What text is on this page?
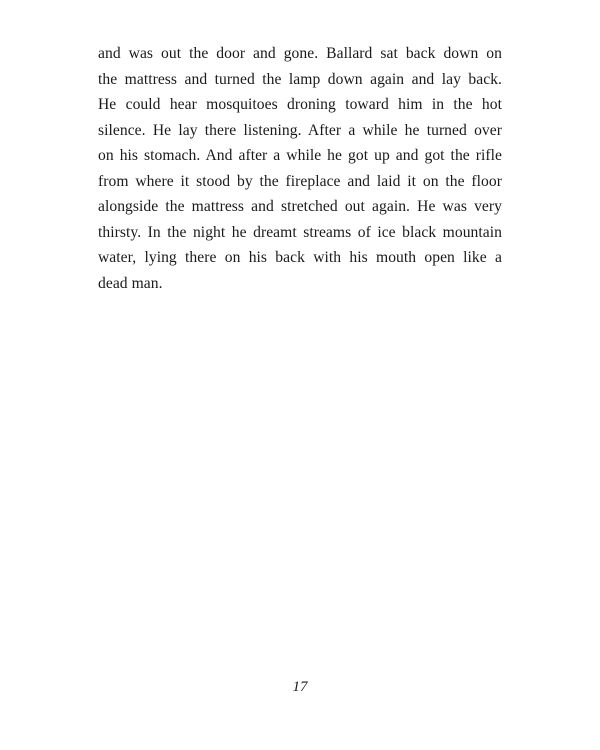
and was out the door and gone. Ballard sat back down on
the mattress and turned the lamp down again and lay back.
He could hear mosquitoes droning toward him in the hot
silence. He lay there listening. After a while he turned over
on his stomach. And after a while he got up and got the rifle
from where it stood by the fireplace and laid it on the floor
alongside the mattress and stretched out again. He was very
thirsty. In the night he dreamt streams of ice black mountain
water, lying there on his back with his mouth open like a
dead man.
17
